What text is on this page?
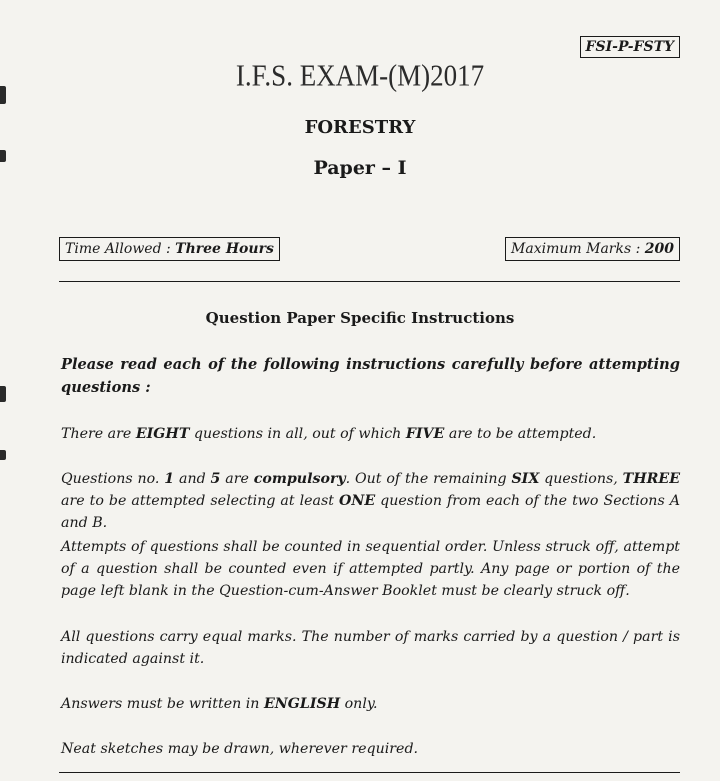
FSI-P-FSTY
I.F.S. EXAM-(M)2017
FORESTRY
Paper – I
Time Allowed : Three Hours	Maximum Marks : 200
Question Paper Specific Instructions
Please read each of the following instructions carefully before attempting questions :
There are EIGHT questions in all, out of which FIVE are to be attempted.
Questions no. 1 and 5 are compulsory. Out of the remaining SIX questions, THREE are to be attempted selecting at least ONE question from each of the two Sections A and B.
Attempts of questions shall be counted in sequential order. Unless struck off, attempt of a question shall be counted even if attempted partly. Any page or portion of the page left blank in the Question-cum-Answer Booklet must be clearly struck off.
All questions carry equal marks. The number of marks carried by a question / part is indicated against it.
Answers must be written in ENGLISH only.
Neat sketches may be drawn, wherever required.
